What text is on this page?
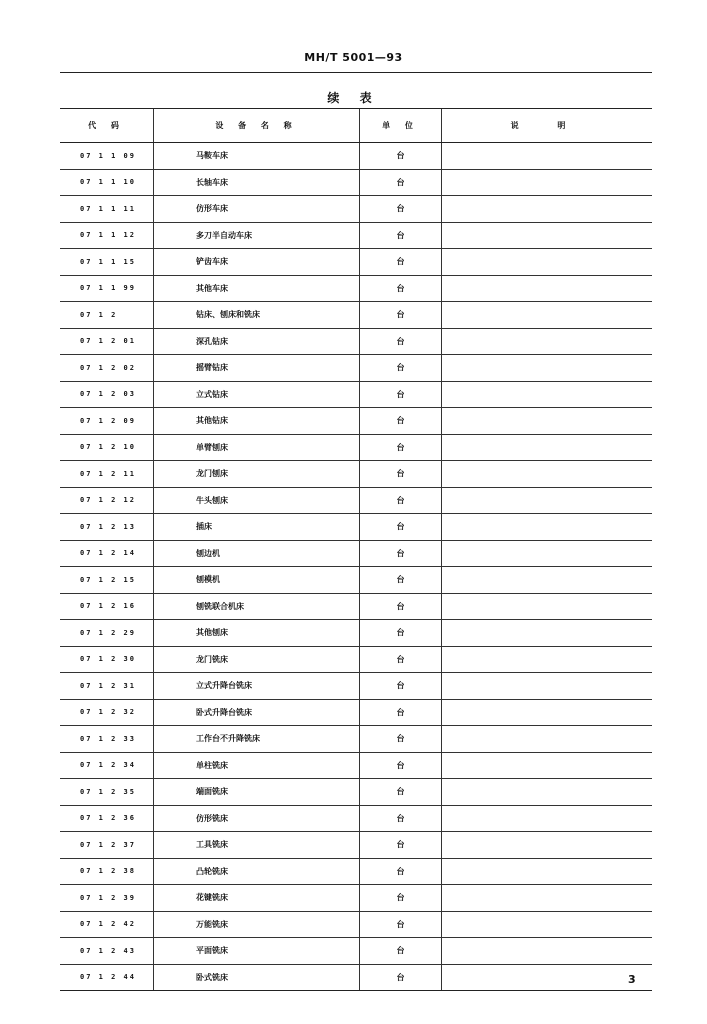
MH/T 5001—93
续 表
代 码	设 备 名 称	单 位	说 明
07 1 1 09	马鞍车床	台
07 1 1 10	长轴车床	台
07 1 1 11	仿形车床	台
07 1 1 12	多刀半自动车床	台
07 1 1 15	铲齿车床	台
07 1 1 99	其他车床	台
07 1 2	钻床、刨床和铣床	台
07 1 2 01	深孔钻床	台
07 1 2 02	摇臂钻床	台
07 1 2 03	立式钻床	台
07 1 2 09	其他钻床	台
07 1 2 10	单臂刨床	台
07 1 2 11	龙门刨床	台
07 1 2 12	牛头刨床	台
07 1 2 13	插床	台
07 1 2 14	刨边机	台
07 1 2 15	刨模机	台
07 1 2 16	刨铣联合机床	台
07 1 2 29	其他刨床	台
07 1 2 30	龙门铣床	台
07 1 2 31	立式升降台铣床	台
07 1 2 32	卧式升降台铣床	台
07 1 2 33	工作台不升降铣床	台
07 1 2 34	单柱铣床	台
07 1 2 35	端面铣床	台
07 1 2 36	仿形铣床	台
07 1 2 37	工具铣床	台
07 1 2 38	凸轮铣床	台
07 1 2 39	花键铣床	台
07 1 2 42	万能铣床	台
07 1 2 43	平面铣床	台
07 1 2 44	卧式铣床	台	3
